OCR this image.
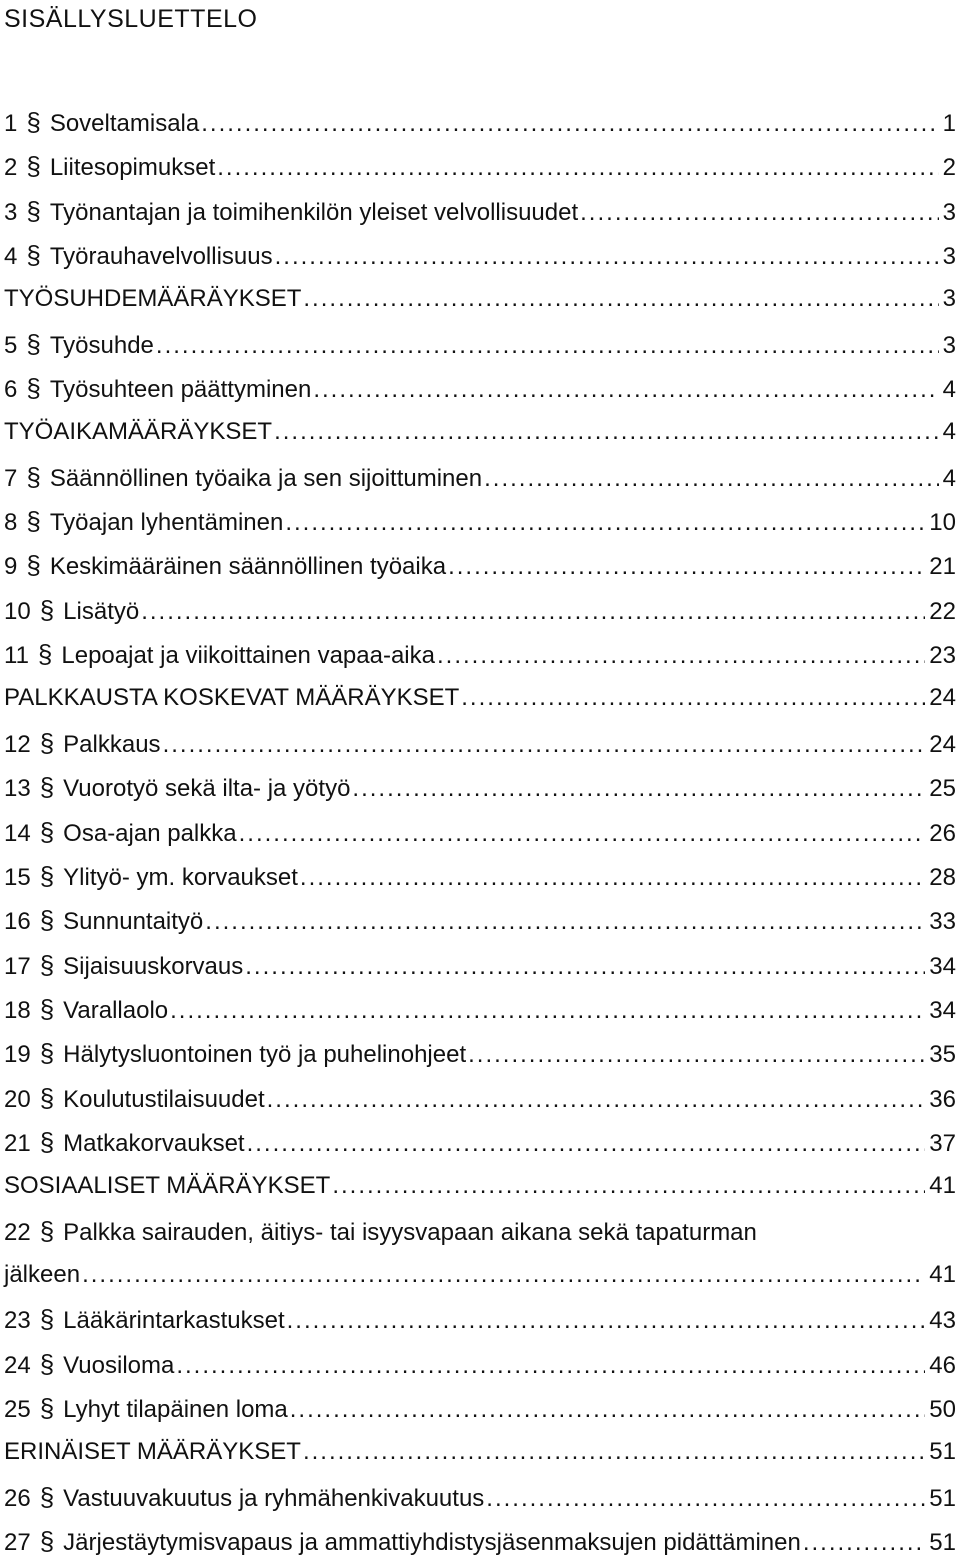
SISÄLLYSLUETTELO
1 § Soveltamisala .....	1
2 § Liitesopimukset .....	2
3 § Työnantajan ja toimihenkilön yleiset velvollisuudet .....	3
4 § Työrauhavelvollisuus .....	3
TYÖSUHDEMÄÄRÄYKSET .....	3
5 § Työsuhde .....	3
6 § Työsuhteen päättyminen .....	4
TYÖAIKAMÄÄRÄYKSET .....	4
7 § Säännöllinen työaika ja sen sijoittuminen .....	4
8 § Työajan lyhentäminen .....	10
9 § Keskimääräinen säännöllinen työaika .....	21
10 § Lisätyö .....	22
11 § Lepoajat ja viikoittainen vapaa-aika .....	23
PALKKAUSTA KOSKEVAT MÄÄRÄYKSET .....	24
12 § Palkkaus .....	24
13 § Vuorotyö sekä ilta- ja yötyö .....	25
14 § Osa-ajan palkka .....	26
15 § Ylityö- ym. korvaukset .....	28
16 § Sunnuntaityö .....	33
17 § Sijaisuuskorvaus .....	34
18 § Varallaolo .....	34
19 § Hälytysluontoinen työ ja puhelinohjeet .....	35
20 § Koulutustilaisuudet .....	36
21 § Matkakorvaukset .....	37
SOSIAALISET MÄÄRÄYKSET .....	41
22 § Palkka sairauden, äitiys- tai isyysvapaan aikana sekä tapaturman
jälkeen .....	41
23 § Lääkärintarkastukset .....	43
24 § Vuosiloma .....	46
25 § Lyhyt tilapäinen loma .....	50
ERINÄISET MÄÄRÄYKSET .....	51
26 § Vastuuvakuutus ja ryhmähenkivakuutus .....	51
27 § Järjestäytymisvapaus ja ammattiyhdistysjäsenmaksujen pidättäminen .....	51
